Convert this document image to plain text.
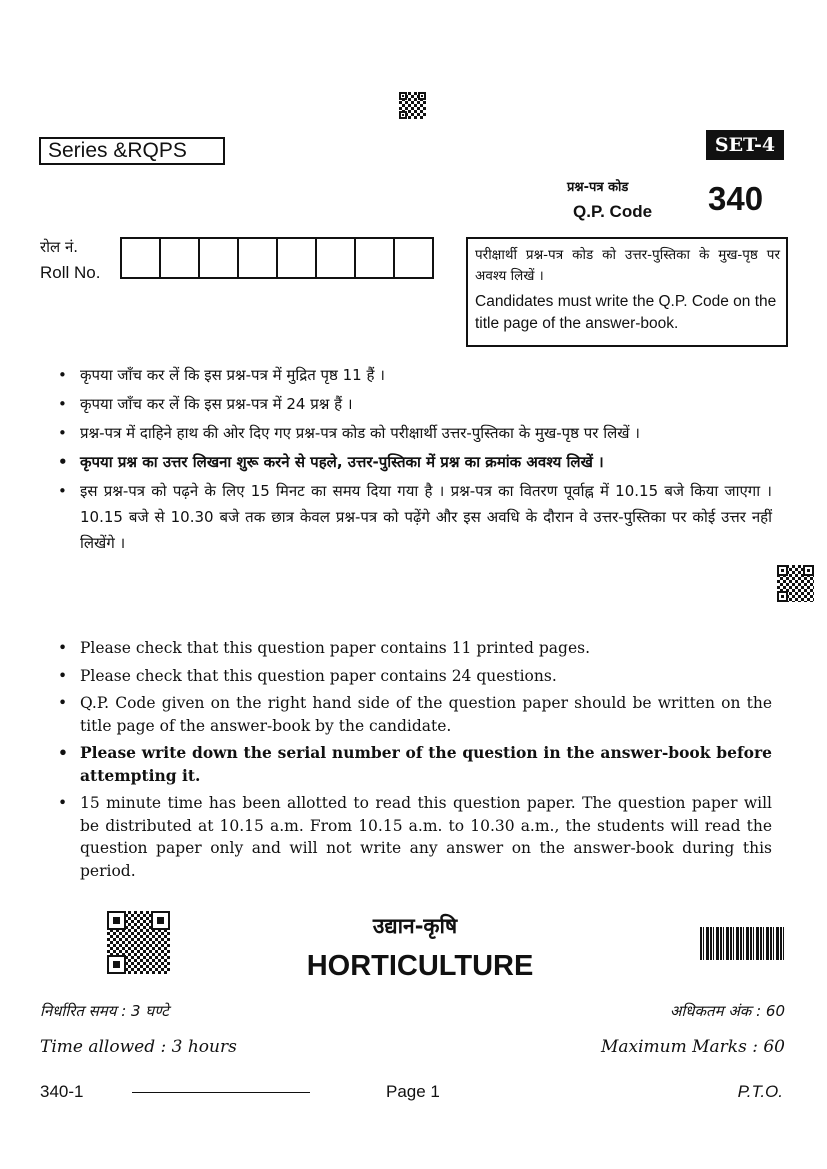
Series &RQPS	SET-4
प्रश्न-पत्र कोड
Q.P. Code 340
रोल नं.
Roll No.
परीक्षार्थी प्रश्न-पत्र कोड को उत्तर-पुस्तिका के मुख-पृष्ठ पर अवश्य लिखें ।
Candidates must write the Q.P. Code on the title page of the answer-book.
• कृपया जाँच कर लें कि इस प्रश्न-पत्र में मुद्रित पृष्ठ 11 हैं ।
• कृपया जाँच कर लें कि इस प्रश्न-पत्र में 24 प्रश्न हैं ।
• प्रश्न-पत्र में दाहिने हाथ की ओर दिए गए प्रश्न-पत्र कोड को परीक्षार्थी उत्तर-पुस्तिका के मुख-पृष्ठ पर लिखें ।
• कृपया प्रश्न का उत्तर लिखना शुरू करने से पहले, उत्तर-पुस्तिका में प्रश्न का क्रमांक अवश्य लिखें ।
• इस प्रश्न-पत्र को पढ़ने के लिए 15 मिनट का समय दिया गया है । प्रश्न-पत्र का वितरण पूर्वाह्न में 10.15 बजे किया जाएगा । 10.15 बजे से 10.30 बजे तक छात्र केवल प्रश्न-पत्र को पढ़ेंगे और इस अवधि के दौरान वे उत्तर-पुस्तिका पर कोई उत्तर नहीं लिखेंगे ।
• Please check that this question paper contains 11 printed pages.
• Please check that this question paper contains 24 questions.
• Q.P. Code given on the right hand side of the question paper should be written on the title page of the answer-book by the candidate.
• Please write down the serial number of the question in the answer-book before attempting it.
• 15 minute time has been allotted to read this question paper. The question paper will be distributed at 10.15 a.m. From 10.15 a.m. to 10.30 a.m., the students will read the question paper only and will not write any answer on the answer-book during this period.
उद्यान-कृषि
HORTICULTURE
निर्धारित समय : 3 घण्टे
Time allowed : 3 hours
अधिकतम अंक : 60
Maximum Marks : 60
340-1	Page 1	P.T.O.
